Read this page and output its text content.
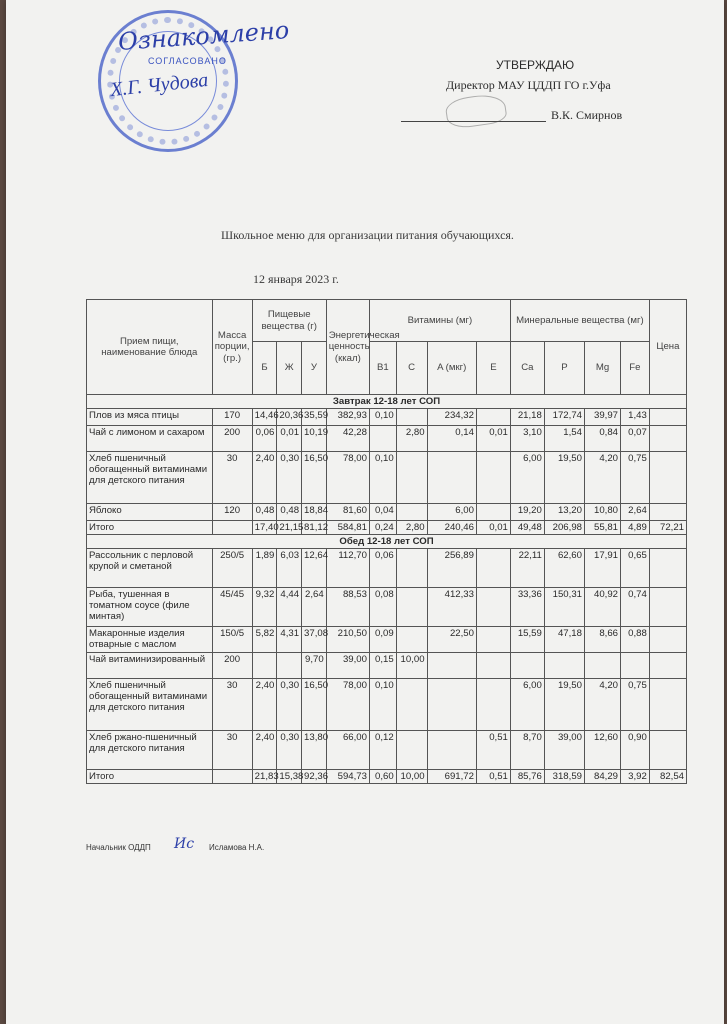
Ознакомлено
СОГЛАСОВАНО
Х.Г. Чудова
УТВЕРЖДАЮ
Директор МАУ ЦДДП ГО г.Уфа
В.К. Смирнов
Школьное меню для организации питания обучающихся.
12 января 2023 г.
Прием пищи, наименование блюда	Масса порции, (гр.)	Пищевые вещества (г)			Энергетическая ценность (ккал)	Витамины (мг)				Минеральные вещества (мг)				Цена
		Б	Ж	У		B1	C	A (мкг)	E	Ca	P	Mg	Fe	
Завтрак 12-18 лет СОП														
Плов из мяса птицы	170	14,46	20,36	35,59	382,93	0,10		234,32		21,18	172,74	39,97	1,43	
Чай с лимоном и сахаром	200	0,06	0,01	10,19	42,28		2,80	0,14	0,01	3,10	1,54	0,84	0,07	
Хлеб пшеничный обогащенный витаминами для детского питания	30	2,40	0,30	16,50	78,00	0,10				6,00	19,50	4,20	0,75	
Яблоко	120	0,48	0,48	18,84	81,60	0,04		6,00		19,20	13,20	10,80	2,64	
Итого		17,40	21,15	81,12	584,81	0,24	2,80	240,46	0,01	49,48	206,98	55,81	4,89	72,21
Обед 12-18 лет СОП														
Рассольник с перловой крупой и сметаной	250/5	1,89	6,03	12,64	112,70	0,06		256,89		22,11	62,60	17,91	0,65	
Рыба, тушенная в томатном соусе (филе минтая)	45/45	9,32	4,44	2,64	88,53	0,08		412,33		33,36	150,31	40,92	0,74	
Макаронные изделия отварные с маслом	150/5	5,82	4,31	37,08	210,50	0,09		22,50		15,59	47,18	8,66	0,88	
Чай витаминизированный	200			9,70	39,00	0,15	10,00							
Хлеб пшеничный обогащенный витаминами для детского питания	30	2,40	0,30	16,50	78,00	0,10				6,00	19,50	4,20	0,75	
Хлеб ржано-пшеничный для детского питания	30	2,40	0,30	13,80	66,00	0,12			0,51	8,70	39,00	12,60	0,90	
Итого		21,83	15,38	92,36	594,73	0,60	10,00	691,72	0,51	85,76	318,59	84,29	3,92	82,54
Начальник ОДДП Ис Исламова Н.А.
